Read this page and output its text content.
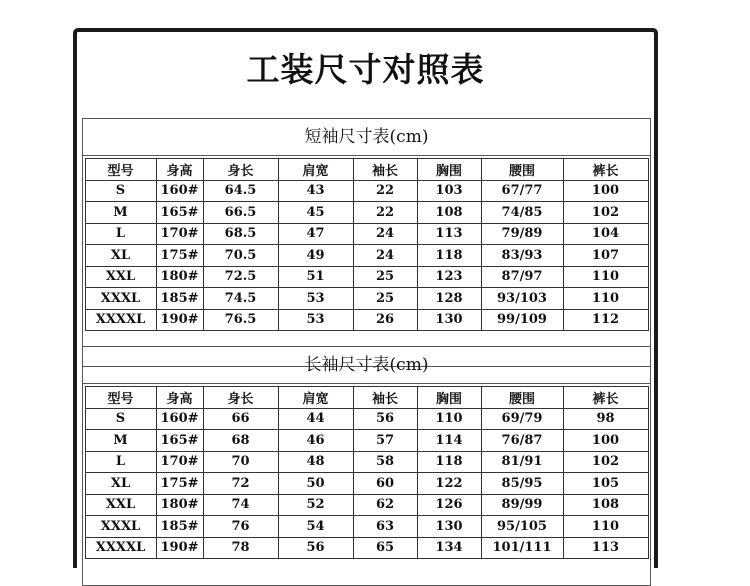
工装尺寸对照表
短袖尺寸表(cm)
型号	身高	身长	肩宽	袖长	胸围	腰围	裤长
S	160#	64.5	43	22	103	67/77	100
M	165#	66.5	45	22	108	74/85	102
L	170#	68.5	47	24	113	79/89	104
XL	175#	70.5	49	24	118	83/93	107
XXL	180#	72.5	51	25	123	87/97	110
XXXL	185#	74.5	53	25	128	93/103	110
XXXXL	190#	76.5	53	26	130	99/109	112
长袖尺寸表(cm)
型号	身高	身长	肩宽	袖长	胸围	腰围	裤长
S	160#	66	44	56	110	69/79	98
M	165#	68	46	57	114	76/87	100
L	170#	70	48	58	118	81/91	102
XL	175#	72	50	60	122	85/95	105
XXL	180#	74	52	62	126	89/99	108
XXXL	185#	76	54	63	130	95/105	110
XXXXL	190#	78	56	65	134	101/111	113
